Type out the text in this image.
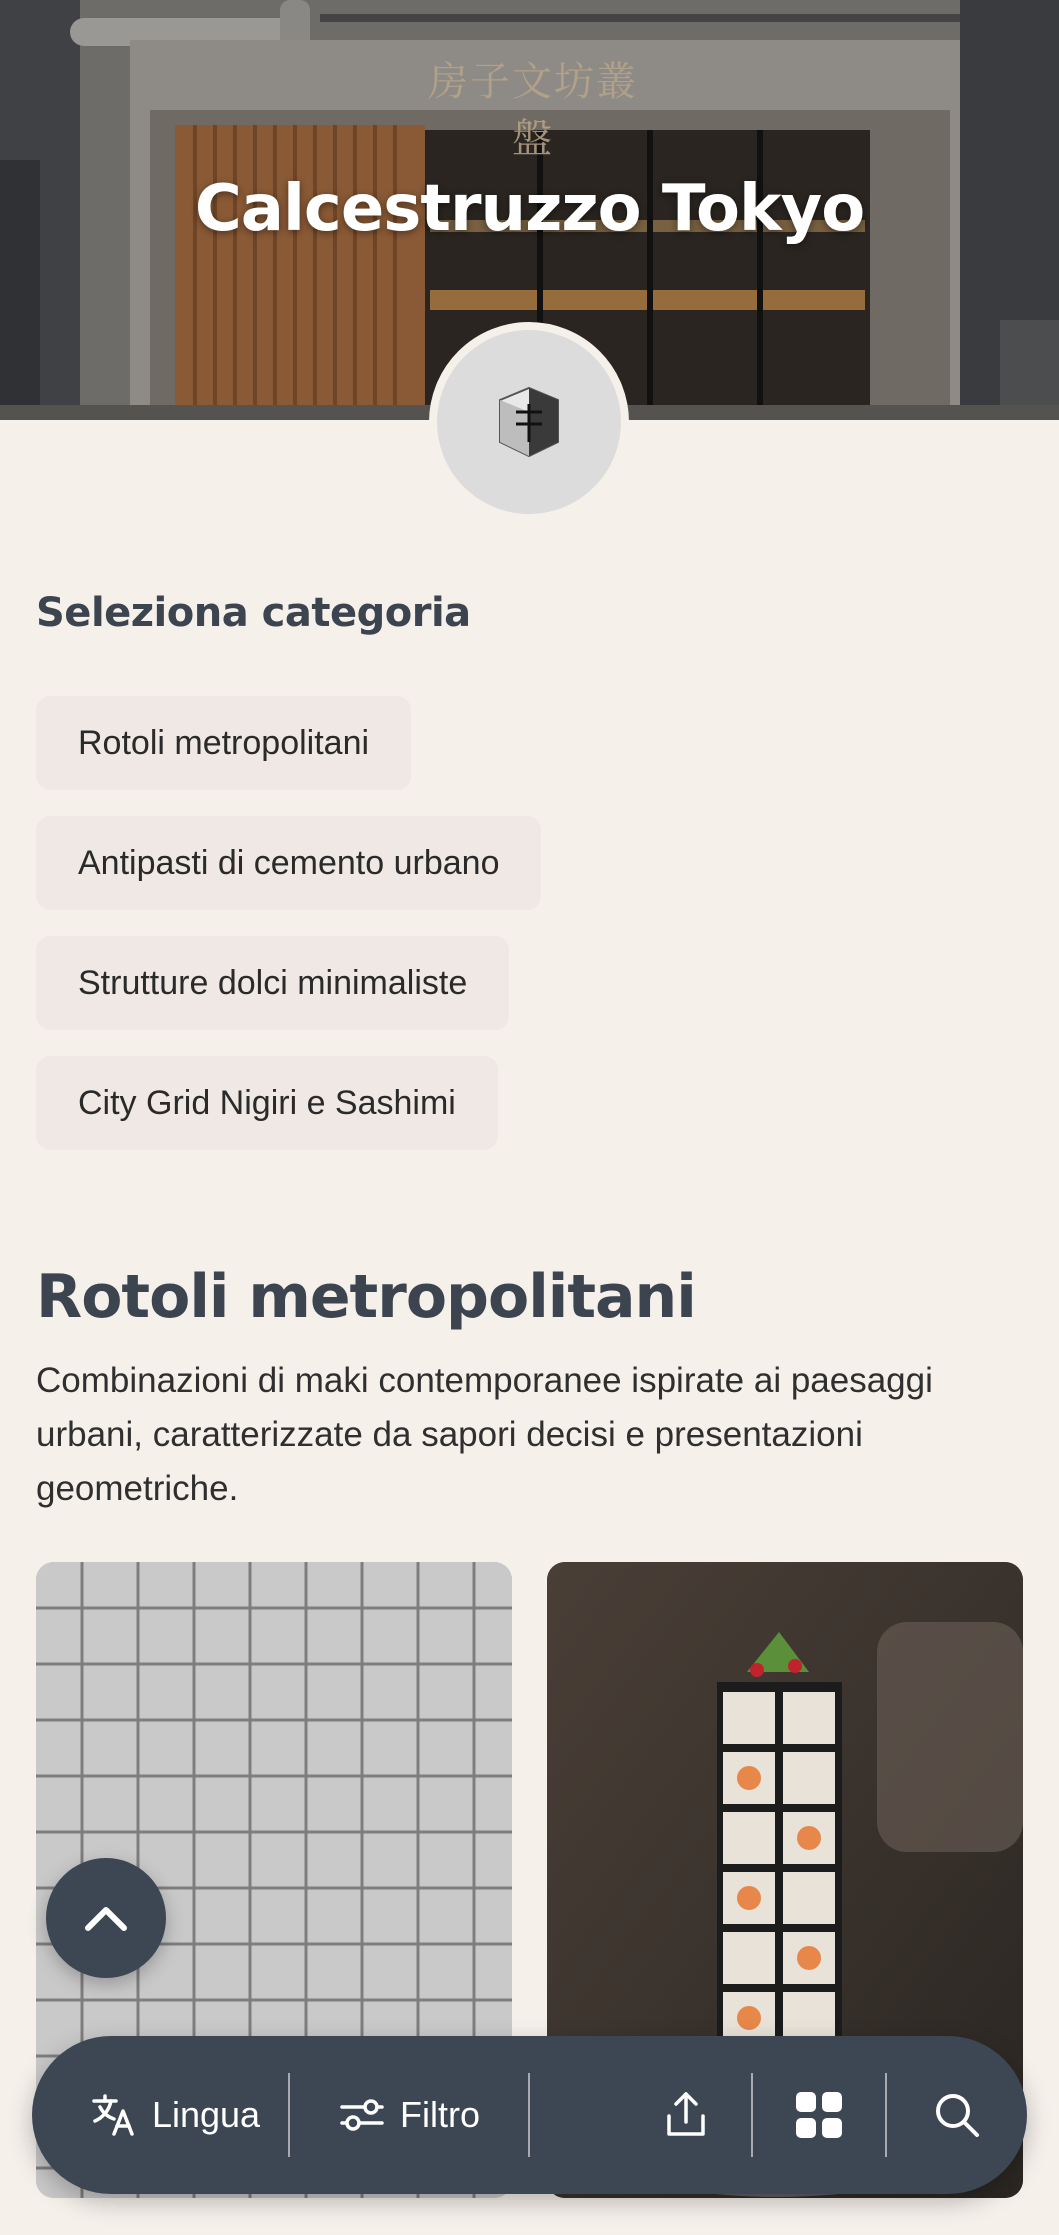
房子文坊叢盤
Calcestruzzo Tokyo
Seleziona categoria
Rotoli metropolitani
Antipasti di cemento urbano
Strutture dolci minimaliste
City Grid Nigiri e Sashimi
Rotoli metropolitani
Combinazioni di maki contemporanee ispirate ai paesaggi urbani, caratterizzate da sapori decisi e presentazioni geometriche.
Lingua	Filtro
